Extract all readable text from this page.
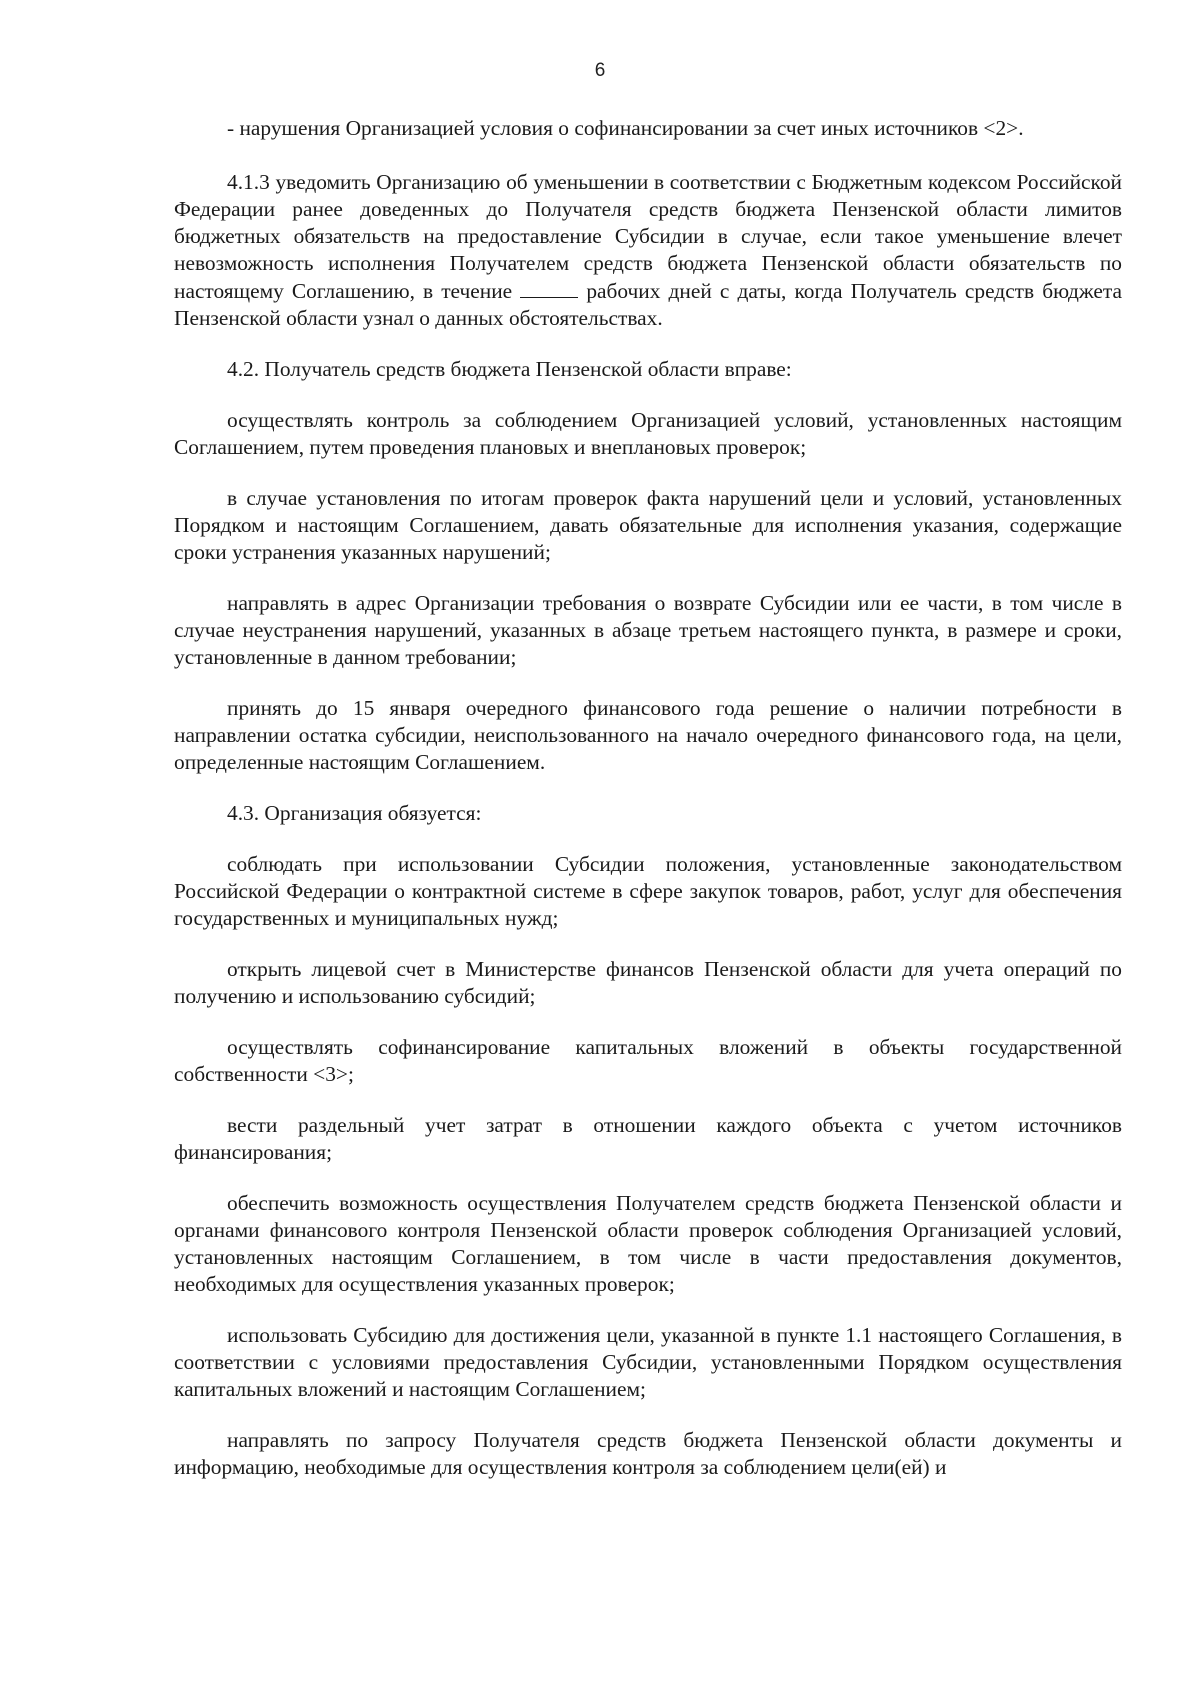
6

- нарушения Организацией условия о софинансировании за счет иных источников <2>.

4.1.3 уведомить Организацию об уменьшении в соответствии с Бюджетным кодексом Российской Федерации ранее доведенных до Получателя средств бюджета Пензенской области лимитов бюджетных обязательств на предоставление Субсидии в случае, если такое уменьшение влечет невозможность исполнения Получателем средств бюджета Пензенской области обязательств по настоящему Соглашению, в течение	рабочих дней с даты, когда Получатель средств бюджета Пензенской области узнал о данных обстоятельствах.

4.2. Получатель средств бюджета Пензенской области вправе:

осуществлять контроль за соблюдением Организацией условий, установленных настоящим Соглашением, путем проведения плановых и внеплановых проверок;

в случае установления по итогам проверок факта нарушений цели и условий, установленных Порядком и настоящим Соглашением, давать обязательные для исполнения указания, содержащие сроки устранения указанных нарушений;

направлять в адрес Организации требования о возврате Субсидии или ее части, в том числе в случае неустранения нарушений, указанных в абзаце третьем настоящего пункта, в размере и сроки, установленные в данном требовании;

принять до 15 января очередного финансового года решение о наличии потребности в направлении остатка субсидии, неиспользованного на начало очередного финансового года, на цели, определенные настоящим Соглашением.

4.3. Организация обязуется:

соблюдать при использовании Субсидии положения, установленные законодательством Российской Федерации о контрактной системе в сфере закупок товаров, работ, услуг для обеспечения государственных и муниципальных нужд;

открыть лицевой счет в Министерстве финансов Пензенской области для учета операций по получению и использованию субсидий;

осуществлять софинансирование капитальных вложений в объекты государственной собственности <3>;

вести раздельный учет затрат в отношении каждого объекта с учетом источников финансирования;

обеспечить возможность осуществления Получателем средств бюджета Пензенской области и органами финансового контроля Пензенской области проверок соблюдения Организацией условий, установленных настоящим Соглашением, в том числе в части предоставления документов, необходимых для осуществления указанных проверок;

использовать Субсидию для достижения цели, указанной в пункте 1.1 настоящего Соглашения, в соответствии с условиями предоставления Субсидии, установленными Порядком осуществления капитальных вложений и настоящим Соглашением;

направлять по запросу Получателя средств бюджета Пензенской области документы и информацию, необходимые для осуществления контроля за соблюдением цели(ей) и
